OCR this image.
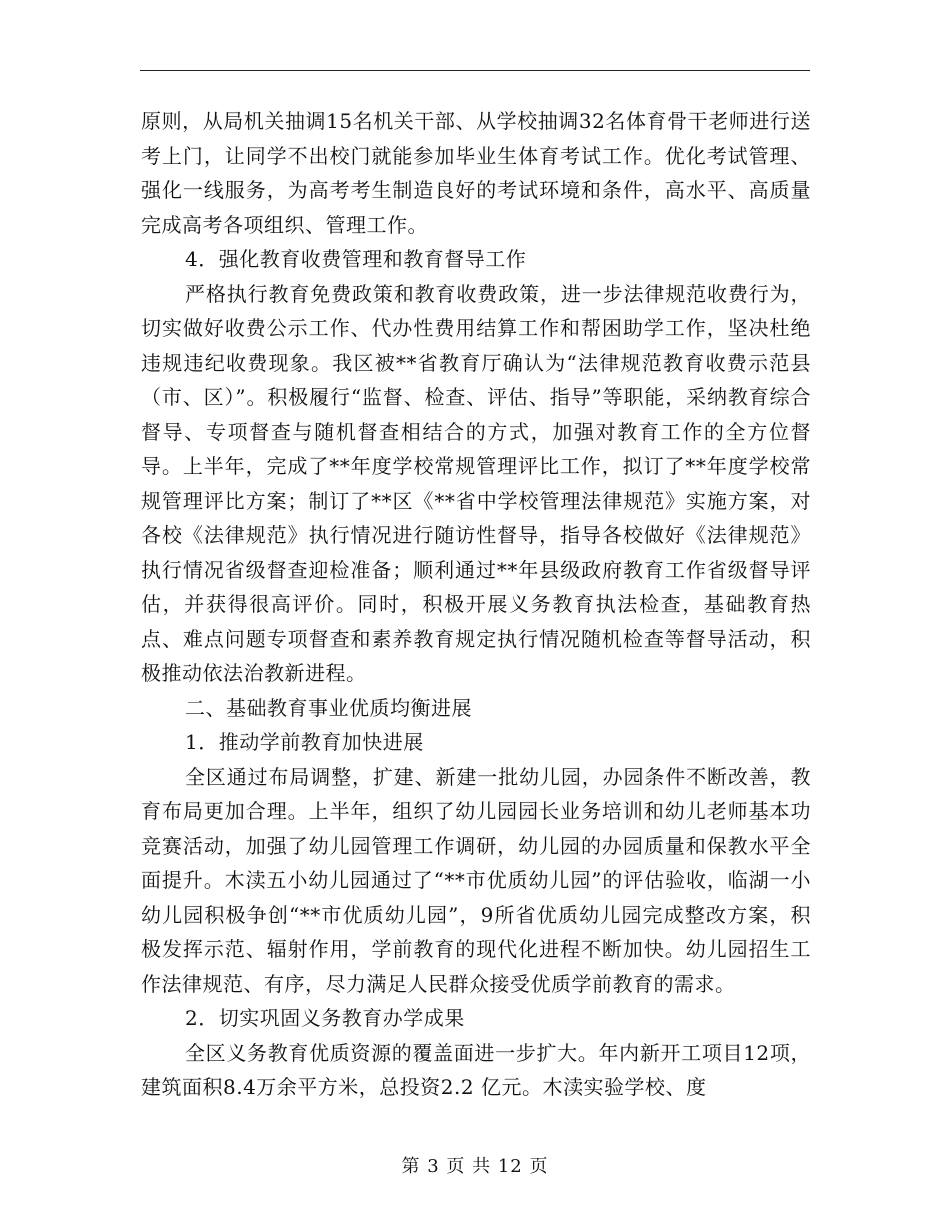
原则，从局机关抽调15名机关干部、从学校抽调32名体育骨干老师进行送考上门，让同学不出校门就能参加毕业生体育考试工作。优化考试管理、强化一线服务，为高考考生制造良好的考试环境和条件，高水平、高质量完成高考各项组织、管理工作。

4．强化教育收费管理和教育督导工作

严格执行教育免费政策和教育收费政策，进一步法律规范收费行为，切实做好收费公示工作、代办性费用结算工作和帮困助学工作，坚决杜绝违规违纪收费现象。我区被**省教育厅确认为“法律规范教育收费示范县（市、区）”。积极履行“监督、检查、评估、指导”等职能，采纳教育综合督导、专项督查与随机督查相结合的方式，加强对教育工作的全方位督导。上半年，完成了**年度学校常规管理评比工作，拟订了**年度学校常规管理评比方案；制订了**区《**省中学校管理法律规范》实施方案，对各校《法律规范》执行情况进行随访性督导，指导各校做好《法律规范》执行情况省级督查迎检准备；顺利通过**年县级政府教育工作省级督导评估，并获得很高评价。同时，积极开展义务教育执法检查，基础教育热点、难点问题专项督查和素养教育规定执行情况随机检查等督导活动，积极推动依法治教新进程。

二、基础教育事业优质均衡进展

1．推动学前教育加快进展

全区通过布局调整，扩建、新建一批幼儿园，办园条件不断改善，教育布局更加合理。上半年，组织了幼儿园园长业务培训和幼儿老师基本功竞赛活动，加强了幼儿园管理工作调研，幼儿园的办园质量和保教水平全面提升。木渎五小幼儿园通过了“**市优质幼儿园”的评估验收，临湖一小幼儿园积极争创“**市优质幼儿园”，9所省优质幼儿园完成整改方案，积极发挥示范、辐射作用，学前教育的现代化进程不断加快。幼儿园招生工作法律规范、有序，尽力满足人民群众接受优质学前教育的需求。

2．切实巩固义务教育办学成果

全区义务教育优质资源的覆盖面进一步扩大。年内新开工项目12项，建筑面积8.4万余平方米，总投资2.2 亿元。木渎实验学校、度

第 3 页 共 12 页
